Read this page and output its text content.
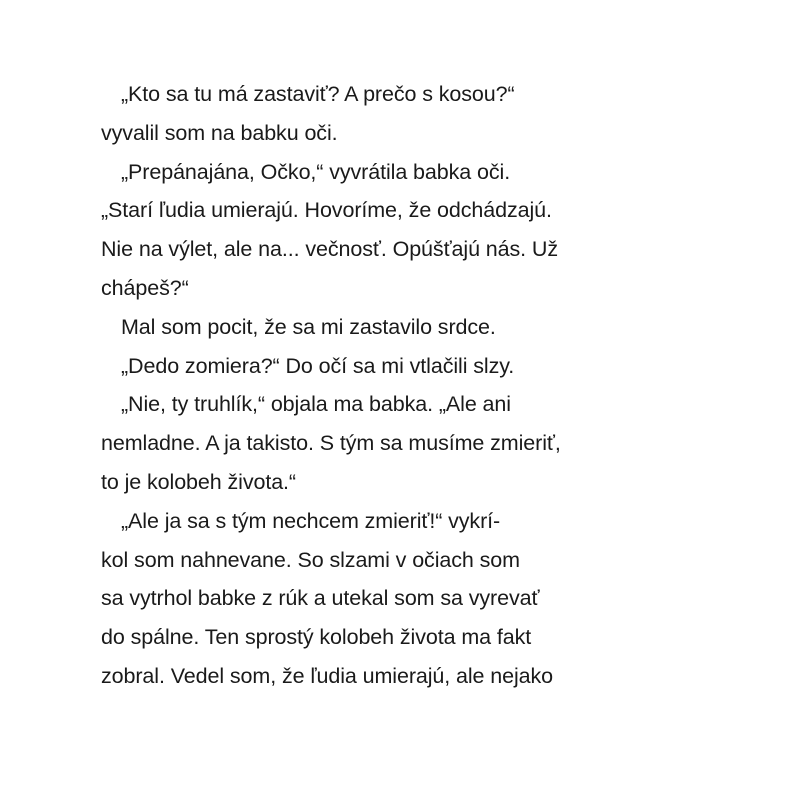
„Kto sa tu má zastaviť? A prečo s kosou?“
vyvalil som na babku oči.
„Prepánajána, Očko,“ vyvrátila babka oči.
„Starí ľudia umierajú. Hovoríme, že odchádzajú.
Nie na výlet, ale na... večnosť. Opúšťajú nás. Už
chápeš?“
Mal som pocit, že sa mi zastavilo srdce.
„Dedo zomiera?“ Do očí sa mi vtlačili slzy.
„Nie, ty truhlík,“ objala ma babka. „Ale ani
nemladne. A ja takisto. S tým sa musíme zmieriť,
to je kolobeh života.“
„Ale ja sa s tým nechcem zmieriť!“ vykrí-
kol som nahnevane. So slzami v očiach som
sa vytrhol babke z rúk a utekal som sa vyrevať
do spálne. Ten sprostý kolobeh života ma fakt
zobral. Vedel som, že ľudia umierajú, ale nejako
